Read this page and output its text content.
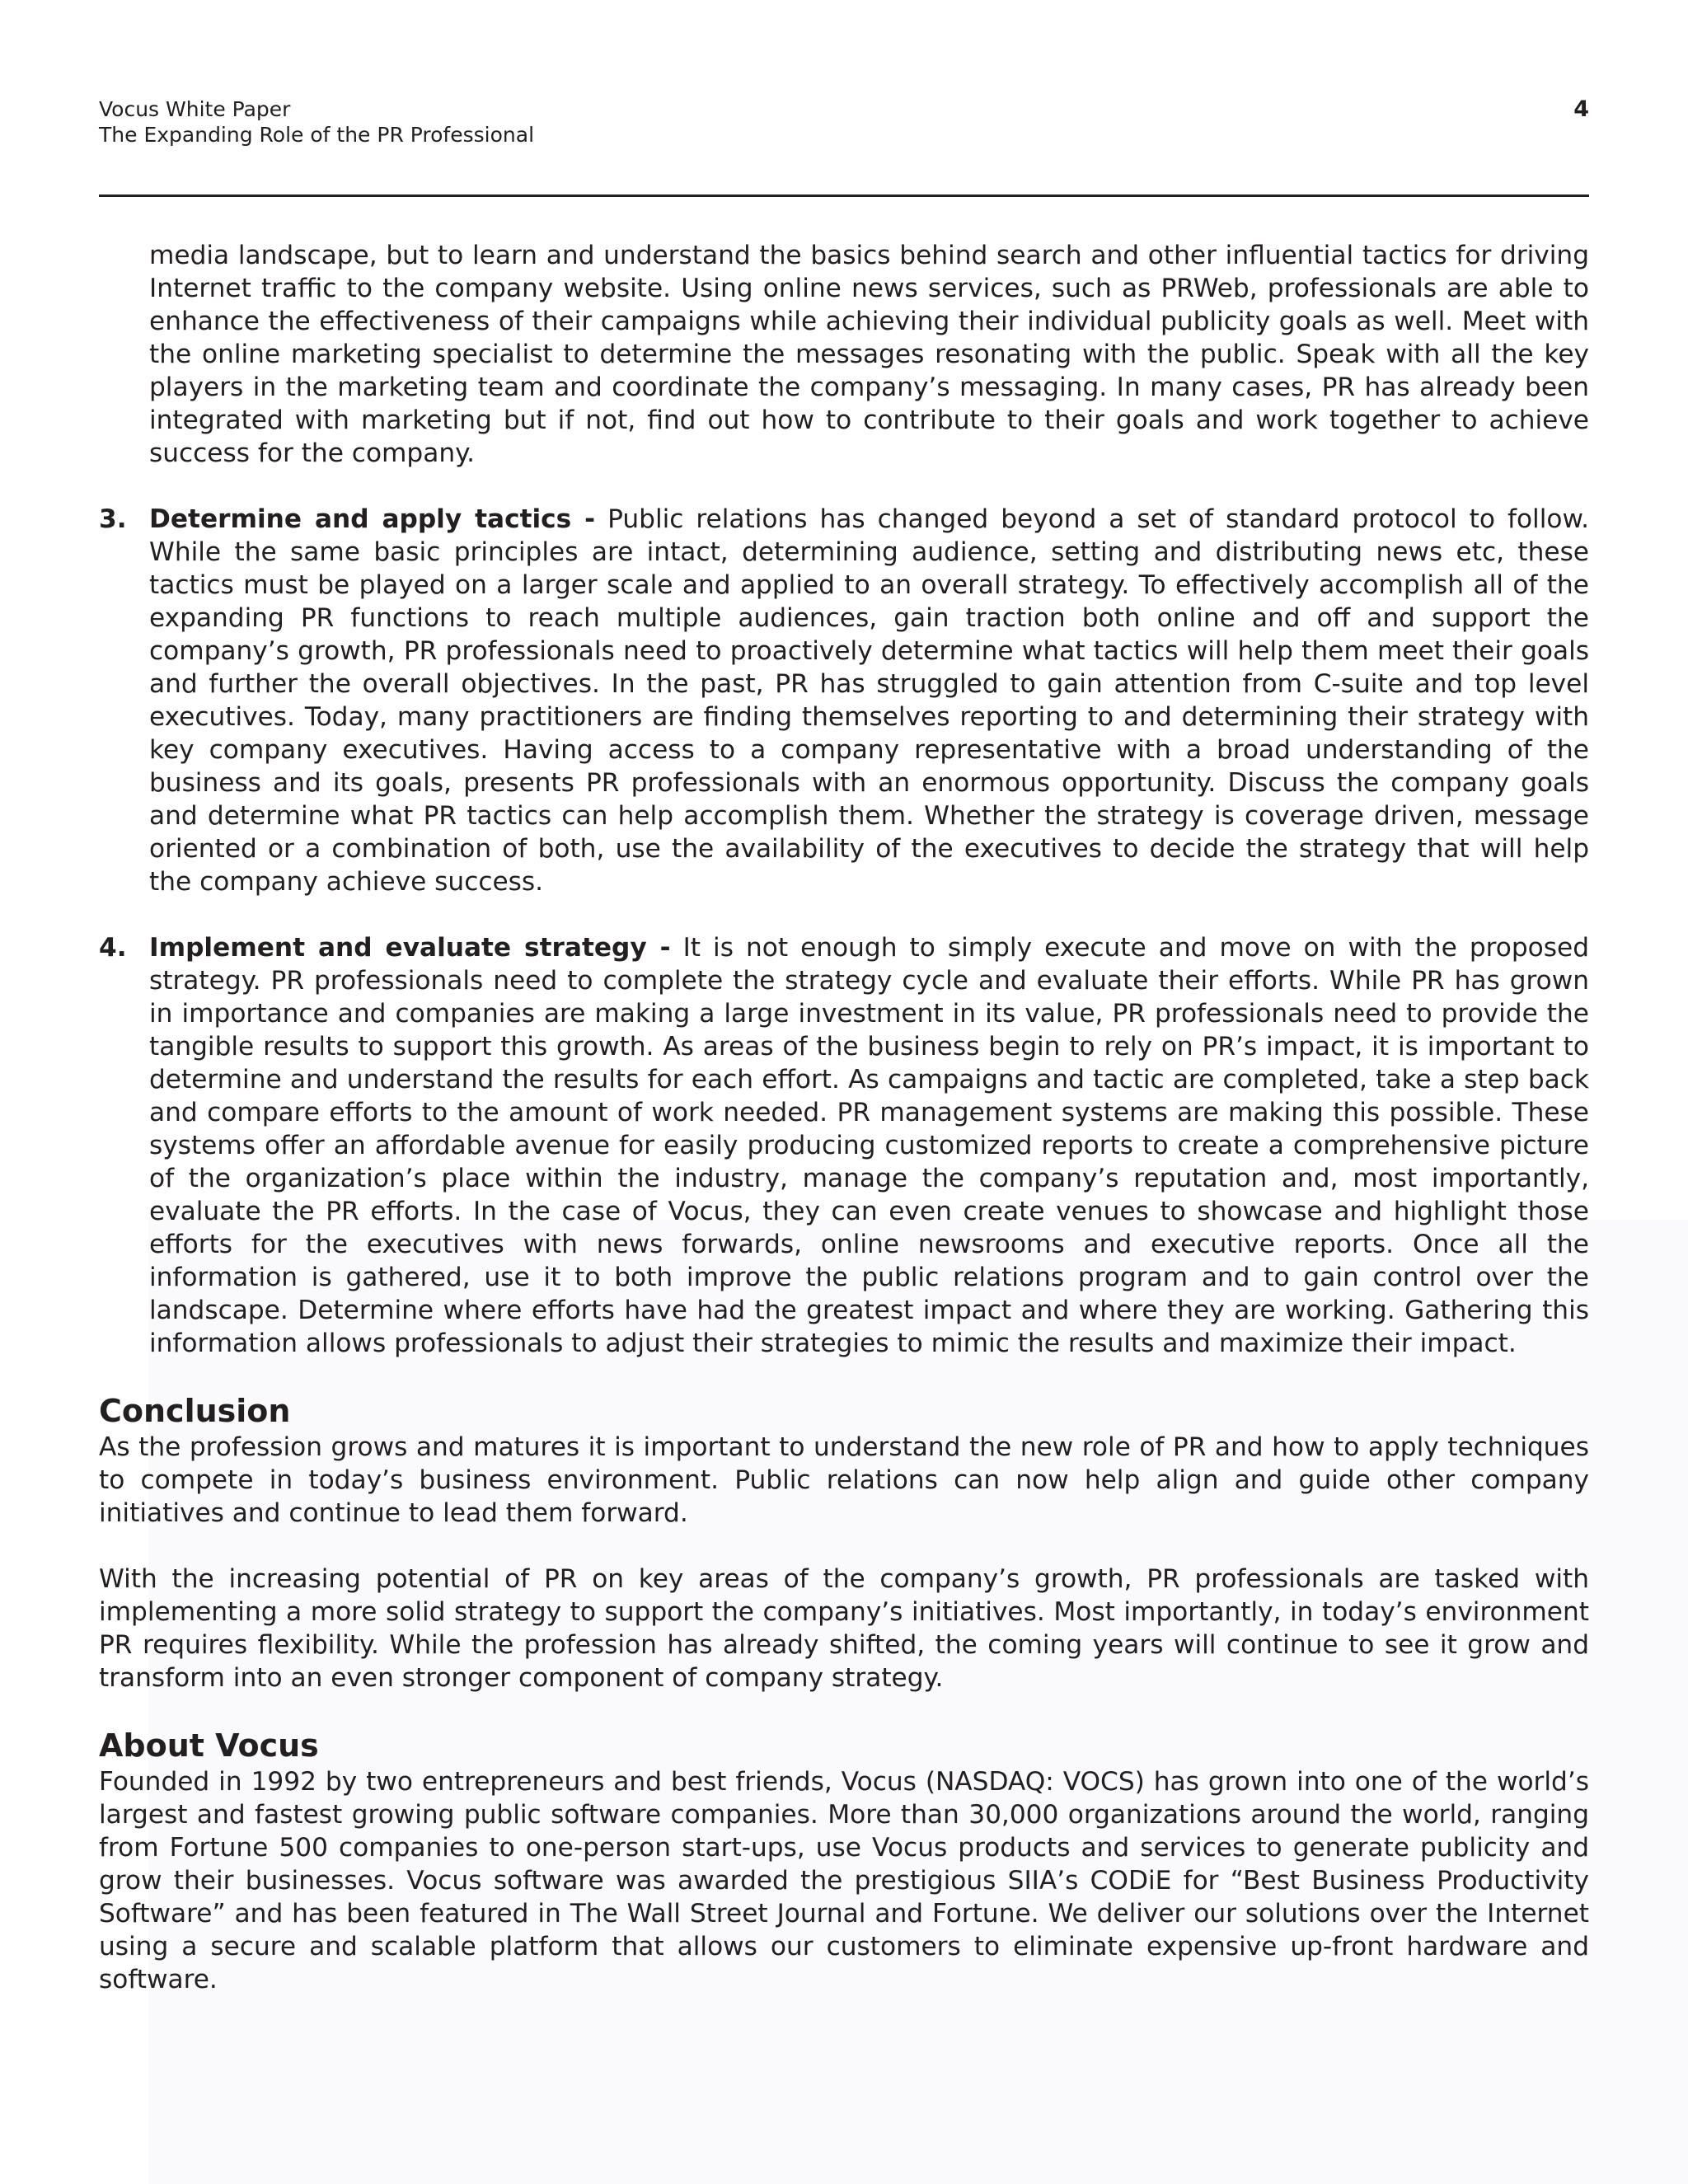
Vocus White Paper
The Expanding Role of the PR Professional
4

media landscape, but to learn and understand the basics behind search and other influential tactics for driving Internet traffic to the company website. Using online news services, such as PRWeb, professionals are able to enhance the effectiveness of their campaigns while achieving their individual publicity goals as well. Meet with the online marketing specialist to determine the messages resonating with the public. Speak with all the key players in the marketing team and coordinate the company’s messaging. In many cases, PR has already been integrated with marketing but if not, find out how to contribute to their goals and work together to achieve success for the company.

3. Determine and apply tactics - Public relations has changed beyond a set of standard protocol to follow. While the same basic principles are intact, determining audience, setting and distributing news etc, these tactics must be played on a larger scale and applied to an overall strategy. To effectively accomplish all of the expanding PR functions to reach multiple audiences, gain traction both online and off and support the company’s growth, PR professionals need to proactively determine what tactics will help them meet their goals and further the overall objectives. In the past, PR has struggled to gain attention from C-suite and top level executives. Today, many practitioners are finding themselves reporting to and determining their strategy with key company executives. Having access to a company representative with a broad understanding of the business and its goals, presents PR professionals with an enormous opportunity. Discuss the company goals and determine what PR tactics can help accomplish them. Whether the strategy is coverage driven, message oriented or a combination of both, use the availability of the executives to decide the strategy that will help the company achieve success.
4. Implement and evaluate strategy - It is not enough to simply execute and move on with the proposed strategy. PR professionals need to complete the strategy cycle and evaluate their efforts. While PR has grown in importance and companies are making a large investment in its value, PR professionals need to provide the tangible results to support this growth. As areas of the business begin to rely on PR’s impact, it is important to determine and understand the results for each effort. As campaigns and tactic are completed, take a step back and compare efforts to the amount of work needed. PR management systems are making this possible. These systems offer an affordable avenue for easily producing customized reports to create a comprehensive picture of the organization’s place within the industry, manage the company’s reputation and, most importantly, evaluate the PR efforts. In the case of Vocus, they can even create venues to showcase and highlight those efforts for the executives with news forwards, online newsrooms and executive reports. Once all the information is gathered, use it to both improve the public relations program and to gain control over the landscape. Determine where efforts have had the greatest impact and where they are working. Gathering this information allows professionals to adjust their strategies to mimic the results and maximize their impact.
Conclusion

As the profession grows and matures it is important to understand the new role of PR and how to apply techniques to compete in today’s business environment. Public relations can now help align and guide other company initiatives and continue to lead them forward.

With the increasing potential of PR on key areas of the company’s growth, PR professionals are tasked with implementing a more solid strategy to support the company’s initiatives. Most importantly, in today’s environment PR requires flexibility. While the profession has already shifted, the coming years will continue to see it grow and transform into an even stronger component of company strategy.

About Vocus

Founded in 1992 by two entrepreneurs and best friends, Vocus (NASDAQ: VOCS) has grown into one of the world’s largest and fastest growing public software companies. More than 30,000 organizations around the world, ranging from Fortune 500 companies to one-person start-ups, use Vocus products and services to generate publicity and grow their businesses. Vocus software was awarded the prestigious SIIA’s CODiE for “Best Business Productivity Software” and has been featured in The Wall Street Journal and Fortune. We deliver our solutions over the Internet using a secure and scalable platform that allows our customers to eliminate expensive up-front hardware and software.
